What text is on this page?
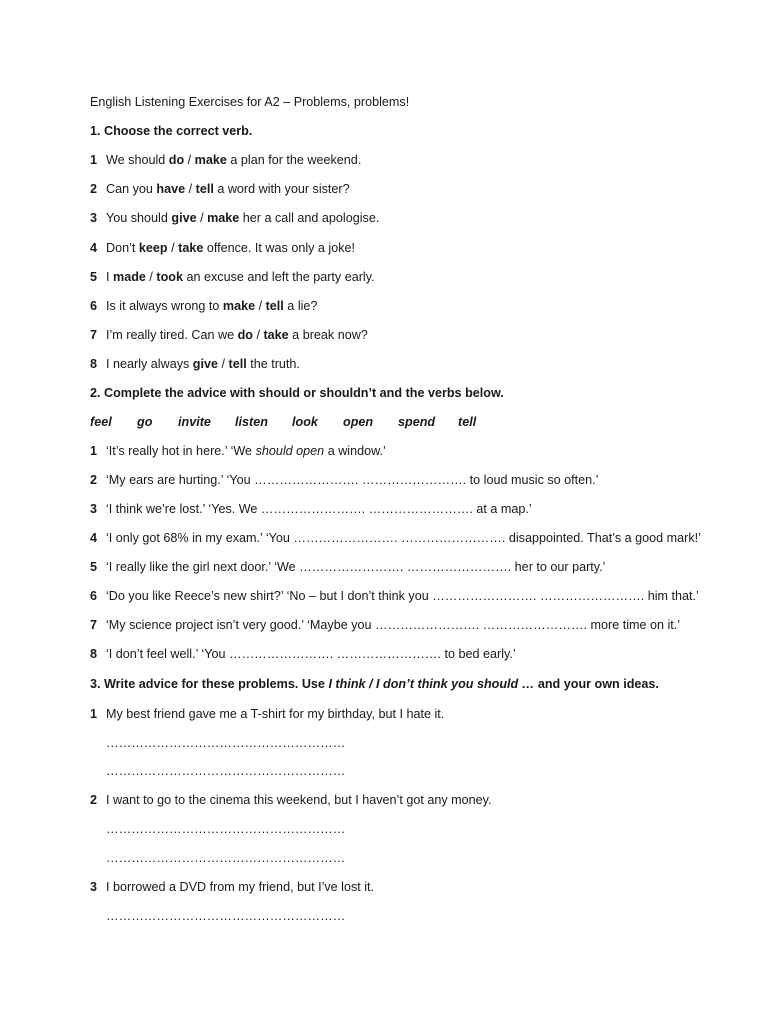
English Listening Exercises for A2 – Problems, problems!
1. Choose the correct verb.
1 We should do / make a plan for the weekend.
2 Can you have / tell a word with your sister?
3 You should give / make her a call and apologise.
4 Don’t keep / take offence. It was only a joke!
5 I made / took an excuse and left the party early.
6 Is it always wrong to make / tell a lie?
7 I’m really tired. Can we do / take a break now?
8 I nearly always give / tell the truth.
2. Complete the advice with should or shouldn’t and the verbs below.
feel go invite listen look open spend tell
1 ‘It’s really hot in here.’ ‘We should open a window.’
2 ‘My ears are hurting.’ ‘You ……………………. ……………………. to loud music so often.’
3 ‘I think we’re lost.’ ‘Yes. We ……………………. ……………………. at a map.’
4 ‘I only got 68% in my exam.’ ‘You ……………………. ……………………. disappointed. That’s a good mark!’
5 ‘I really like the girl next door.’ ‘We ……………………. ……………………. her to our party.’
6 ‘Do you like Reece’s new shirt?’ ‘No – but I don’t think you ……………………. ……………………. him that.’
7 ‘My science project isn’t very good.’ ‘Maybe you ……………………. ……………………. more time on it.’
8 ‘I don’t feel well.’ ‘You ……………………. ……………………. to bed early.’
3. Write advice for these problems. Use I think / I don’t think you should … and your own ideas.
1 My best friend gave me a T-shirt for my birthday, but I hate it.
…………………………………………………
…………………………………………………
2 I want to go to the cinema this weekend, but I haven’t got any money.
…………………………………………………
…………………………………………………
3 I borrowed a DVD from my friend, but I’ve lost it.
…………………………………………………
